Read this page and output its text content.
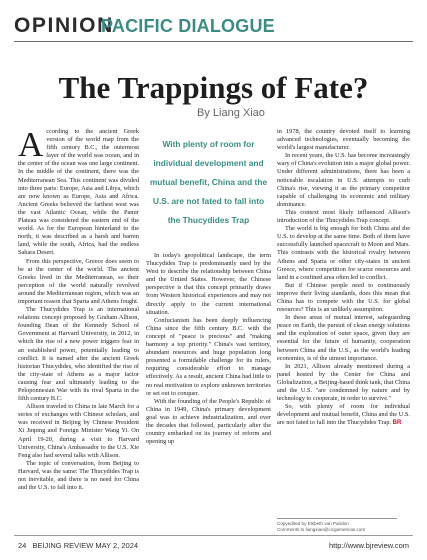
OPINION
PACIFIC DIALOGUE
The Trappings of Fate?
By Liang Xiao

According to the ancient Greek version of the world map from the fifth century B.C., the outermost layer of the world was ocean, and in the center of the ocean was one large continent. In the middle of the continent, there was the Mediterranean Sea. This continent was divided into three parts: Europe, Asia and Libya, which are now known as Europe, Asia and Africa. Ancient Greeks believed the farthest west was the vast Atlantic Ocean, while the Pamir Plateau was considered the eastern end of the world. As for the European hinterland to the north, it was described as a harsh and barren land, while the south, Africa, had the endless Sahara Desert.

From this perspective, Greece does seem to be at the center of the world. The ancient Greeks lived in the Mediterranean, so their perception of the world naturally revolved around the Mediterranean region, which was an important reason that Sparta and Athens fought.

The Thucydides Trap is an international relations concept proposed by Graham Allison, founding Dean of the Kennedy School of Government at Harvard University, in 2012, in which the rise of a new power triggers fear in an established power, potentially leading to conflict. It is named after the ancient Greek historian Thucydides, who identified the rise of the city-state of Athens as a major factor causing fear and ultimately leading to the Peloponnesian War with its rival Sparta in the fifth century B.C.

Allison traveled to China in late March for a series of exchanges with Chinese scholars, and was received in Beijing by Chinese President Xi Jinping and Foreign Minister Wang Yi. On April 19-20, during a visit to Harvard University, China's Ambassador to the U.S. Xie Feng also had several talks with Allison.

The topic of conversation, from Beijing to Harvard, was the same: The Thucydides Trap is not inevitable, and there is no need for China and the U.S. to fall into it.

With plenty of room for individual development and mutual benefit, China and the U.S. are not fated to fall into the Thucydides Trap

In today's geopolitical landscape, the term Thucydides Trap is predominantly used by the West to describe the relationship between China and the United States. However, the Chinese perspective is that this concept primarily draws from Western historical experiences and may not directly apply to the current international situation.

Confucianism has been deeply influencing China since the fifth century B.C. with the concept of "peace is precious" and "making harmony a top priority." China's vast territory, abundant resources and huge population long presented a formidable challenge for its rulers, requiring considerable effort to manage effectively. As a result, ancient China had little to no real motivation to explore unknown territories or set out to conquer.

With the founding of the People's Republic of China in 1949, China's primary development goal was to achieve industrialization, and over the decades that followed, particularly after the country embarked on its journey of reform and opening up

in 1978, the country devoted itself to learning advanced technologies, eventually becoming the world's largest manufacturer.

In recent years, the U.S. has become increasingly wary of China's evolution into a major global power. Under different administrations, there has been a noticeable escalation in U.S. attempts to curb China's rise, viewing it as the primary competitor capable of challenging its economic and military dominance.

This context most likely influenced Allison's introduction of the Thucydides Trap concept.

The world is big enough for both China and the U.S. to develop at the same time. Both of them have successfully launched spacecraft to Moon and Mars. This contrasts with the historical rivalry between Athens and Sparta or other city-states in ancient Greece, where competition for scarce resources and land in a confined area often led to conflict.

But if Chinese people need to continuously improve their living standards, does this mean that China has to compete with the U.S. for global resources? This is an unlikely assumption.

In these areas of mutual interest, safeguarding peace on Earth, the pursuit of clean energy solutions and the exploration of outer space, given they are essential for the future of humanity, cooperation between China and the U.S., as the world's leading economies, is of the utmost importance.

In 2021, Allison already mentioned during a panel hosted by the Center for China and Globalization, a Beijing-based think tank, that China and the U.S. "are condemned by nature and by technology to cooperate, in order to survive."

So, with plenty of room for individual development and mutual benefit, China and the U.S. are not fated to fall into the Thucydides Trap. BR

Copyedited by Elsbeth van Paridon
Comments to liangxiao@cicgamericas.com
24 BEIJING REVIEW MAY 2, 2024	http://www.bjreview.com
